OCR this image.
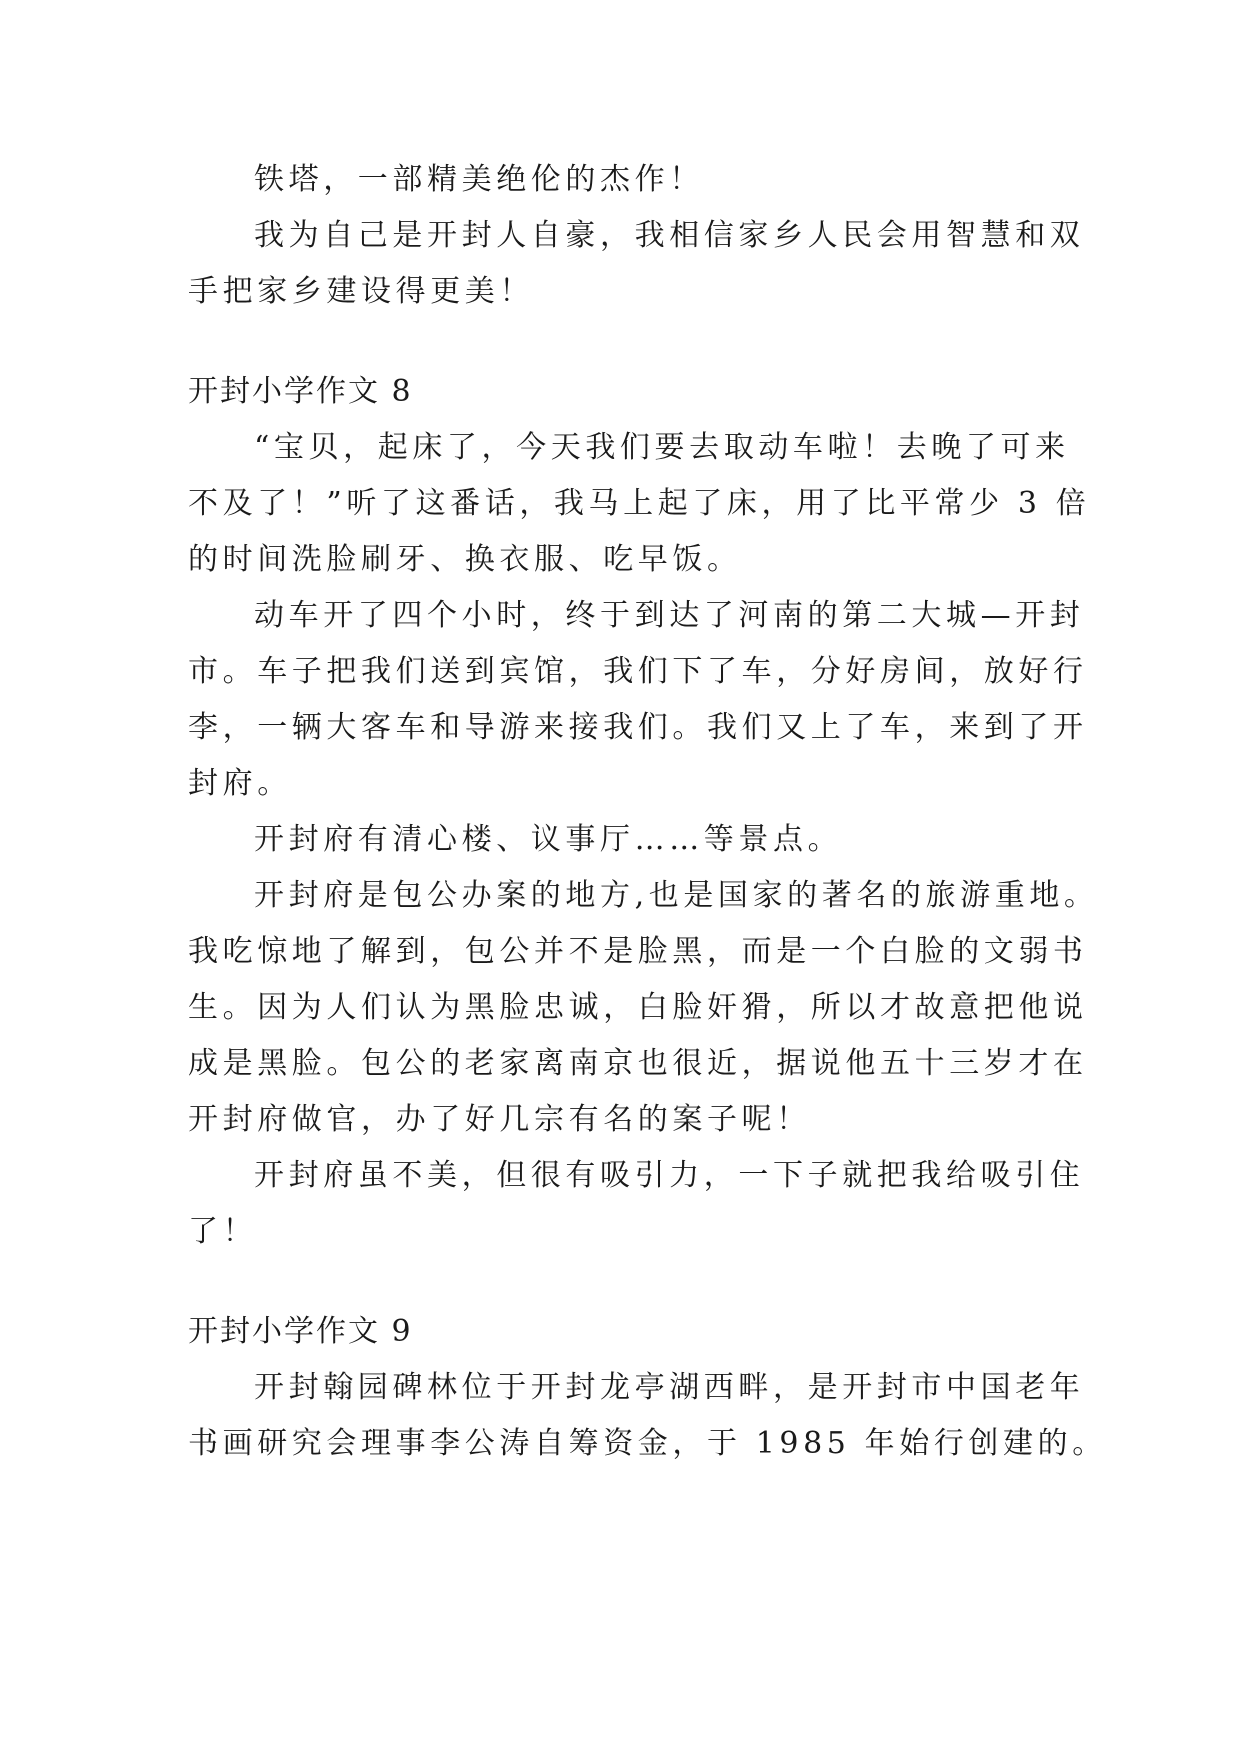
铁塔，一部精美绝伦的杰作！
我为自己是开封人自豪，我相信家乡人民会用智慧和双
手把家乡建设得更美！
开封小学作文 8
“宝贝，起床了，今天我们要去取动车啦！去晚了可来
不及了！”听了这番话，我马上起了床，用了比平常少 3 倍
的时间洗脸刷牙、换衣服、吃早饭。
动车开了四个小时，终于到达了河南的第二大城—开封
市。车子把我们送到宾馆，我们下了车，分好房间，放好行
李，一辆大客车和导游来接我们。我们又上了车，来到了开
封府。
开封府有清心楼、议事厅……等景点。
开封府是包公办案的地方,也是国家的著名的旅游重地。
我吃惊地了解到，包公并不是脸黑，而是一个白脸的文弱书
生。因为人们认为黑脸忠诚，白脸奸猾，所以才故意把他说
成是黑脸。包公的老家离南京也很近，据说他五十三岁才在
开封府做官，办了好几宗有名的案子呢！
开封府虽不美，但很有吸引力，一下子就把我给吸引住
了！
开封小学作文 9
开封翰园碑林位于开封龙亭湖西畔，是开封市中国老年
书画研究会理事李公涛自筹资金，于 1985 年始行创建的。
